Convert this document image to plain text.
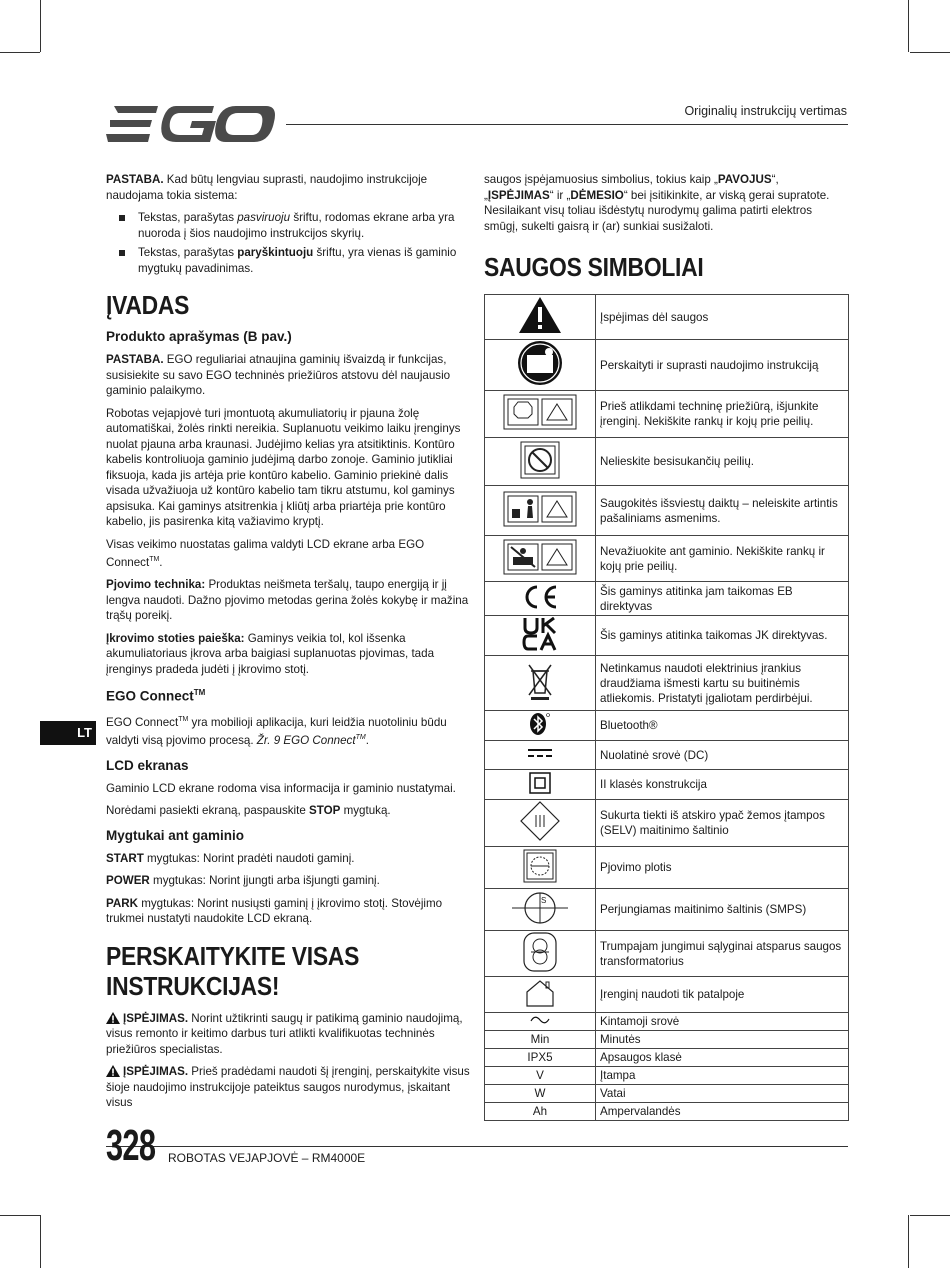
Originalių instrukcijų vertimas
LT

PASTABA. Kad būtų lengviau suprasti, naudojimo instrukcijoje naudojama tokia sistema:

Tekstas, parašytas pasviruoju šriftu, rodomas ekrane arba yra nuoroda į šios naudojimo instrukcijos skyrių.
Tekstas, parašytas paryškintuoju šriftu, yra vienas iš gaminio mygtukų pavadinimas.
ĮVADAS
Produkto aprašymas (B pav.)

PASTABA. EGO reguliariai atnaujina gaminių išvaizdą ir funkcijas, susisiekite su savo EGO techninės priežiūros atstovu dėl naujausio gaminio palaikymo.

Robotas vejapjovė turi įmontuotą akumuliatorių ir pjauna žolę automatiškai, žolės rinkti nereikia. Suplanuotu veikimo laiku įrenginys nuolat pjauna arba kraunasi. Judėjimo kelias yra atsitiktinis. Kontūro kabelis kontroliuoja gaminio judėjimą darbo zonoje. Gaminio jutikliai fiksuoja, kada jis artėja prie kontūro kabelio. Gaminio priekinė dalis visada užvažiuoja už kontūro kabelio tam tikru atstumu, kol gaminys apsisuka. Kai gaminys atsitrenkia į kliūtį arba priartėja prie kontūro kabelio, jis pasirenka kitą važiavimo kryptį.

Visas veikimo nuostatas galima valdyti LCD ekrane arba EGO Connect™.

Pjovimo technika: Produktas neišmeta teršalų, taupo energiją ir jį lengva naudoti. Dažno pjovimo metodas gerina žolės kokybę ir mažina trąšų poreikį.

Įkrovimo stoties paieška: Gaminys veikia tol, kol išsenka akumuliatoriaus įkrova arba baigiasi suplanuotas pjovimas, tada įrenginys pradeda judėti į įkrovimo stotį.

EGO Connect™

EGO Connect™ yra mobilioji aplikacija, kuri leidžia nuotoliniu būdu valdyti visą pjovimo procesą. Žr. 9 EGO Connect™.

LCD ekranas

Gaminio LCD ekrane rodoma visa informacija ir gaminio nustatymai.

Norėdami pasiekti ekraną, paspauskite STOP mygtuką.

Mygtukai ant gaminio

START mygtukas: Norint pradėti naudoti gaminį.

POWER mygtukas: Norint įjungti arba išjungti gaminį.

PARK mygtukas: Norint nusiųsti gaminį į įkrovimo stotį. Stovėjimo trukmei nustatyti naudokite LCD ekraną.

PERSKAITYKITE VISAS
INSTRUKCIJAS!

ĮSPĖJIMAS. Norint užtikrinti saugų ir patikimą gaminio naudojimą, visus remonto ir keitimo darbus turi atlikti kvalifikuotas techninės priežiūros specialistas.

ĮSPĖJIMAS. Prieš pradėdami naudoti šį įrenginį, perskaitykite visus šioje naudojimo instrukcijoje pateiktus saugos nurodymus, įskaitant visus

saugos įspėjamuosius simbolius, tokius kaip „PAVOJUS“, „ĮSPĖJIMAS“ ir „DĖMESIO“ bei įsitikinkite, ar viską gerai supratote. Nesilaikant visų toliau išdėstytų nurodymų galima patirti elektros smūgį, sukelti gaisrą ir (ar) sunkiai susižaloti.

SAUGOS SIMBOLIAI
	Įspėjimas dėl saugos
	Perskaityti ir suprasti naudojimo instrukciją
	Prieš atlikdami techninę priežiūrą, išjunkite įrenginį. Nekiškite rankų ir kojų prie peilių.
	Nelieskite besisukančių peilių.
	Saugokitės išsviestų daiktų – neleiskite artintis pašaliniams asmenims.
	Nevažiuokite ant gaminio. Nekiškite rankų ir kojų prie peilių.
	Šis gaminys atitinka jam taikomas EB direktyvas
	Šis gaminys atitinka taikomas JK direktyvas.
	Netinkamus naudoti elektrinius įrankius draudžiama išmesti kartu su buitinėmis atliekomis. Pristatyti įgaliotam perdirbėjui.
	Bluetooth®
	Nuolatinė srovė (DC)
	II klasės konstrukcija
	Sukurta tiekti iš atskiro ypač žemos įtampos (SELV) maitinimo šaltinio
	Pjovimo plotis

S	Perjungiamas maitinimo šaltinis (SMPS)
	Trumpajam jungimui sąlyginai atsparus saugos transformatorius
	Įrenginį naudoti tik patalpoje
	Kintamoji srovė
Min	Minutės
IPX5	Apsaugos klasė
V	Įtampa
W	Vatai
Ah	Ampervalandės
328 ROBOTAS VEJAPJOVĖ – RM4000E
